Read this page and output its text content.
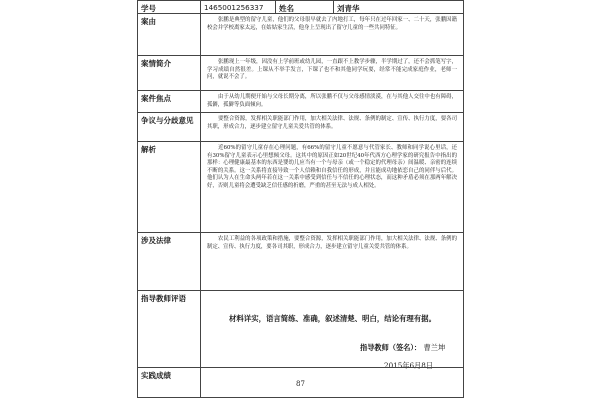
学号	1465001256337	姓名	刘青华
案由	张鹏是典型的留守儿童，他们的父母很早就去了内地打工，每年只在过年回家一、二十天，张鹏因籍校会并学校离家太远，在姑姑家生活，他身上呈现出了留守儿童的一些共同特征。
案情简介	张鹏现上一年级，因没有上学前班或幼儿园，一直跟不上教学步骤，半学期过了，还不会抓笔写字，学习成绩自然很差。上课从不举手发言，下课了也不和其他同学玩耍，经常不能完成家庭作业，老师一问，就说不会了。
案件焦点	由于从幼儿期便开始与父母长期分离，所以张鹏不仅与父母感情淡漠，在与其他人交往中也有障碍，孤僻，孤僻等负面倾向。
争议与分歧意见	要整合资源，发挥相关职能部门作用，加大相关法律、法规、条例的制定、宣传、执行力度，要各司其职，形成合力，逐步建立留守儿童关爱共管的体系。
解析	近60%的留守儿童存在心理问题，有66%的留守儿童不愿意与代管家长、教师和同学说心里话，还有30%留守儿童表示心里想倾父母。这其中的原因正如20世纪40年代西方心理学家的研究报告中指出的那样：心理健康最基本的东西是婴幼儿应当有一个与母亲（或一个稳定的代理母亲）间温暖、亲密的连续不断的关系。这一关系将直接导致一个人信赖和自我信任的形成，并且能成功地依恋自己的同伴与后代。他们认为人在生命头两年若在这一关系中感受到信任与不信任的心理状态，而这种矛盾必须在那两年解决好，否则儿童将会遭受缺乏信任感的折磨，严重的甚至无法与成人相处。
涉及法律	农民工利益的各项政策和措施，要整合资源，发挥相关职能部门作用，加大相关法律、法规、条例的制定、宣传、执行力度，要各司其职，形成合力，逐步建立留守儿童关爱共管的体系。
指导教师评语
材料详实，语言简练、准确，叙述清楚、明白，结论有理有据。
指导教师（签名）： 曹兰坤
2015年6月8日
实践成绩
87
